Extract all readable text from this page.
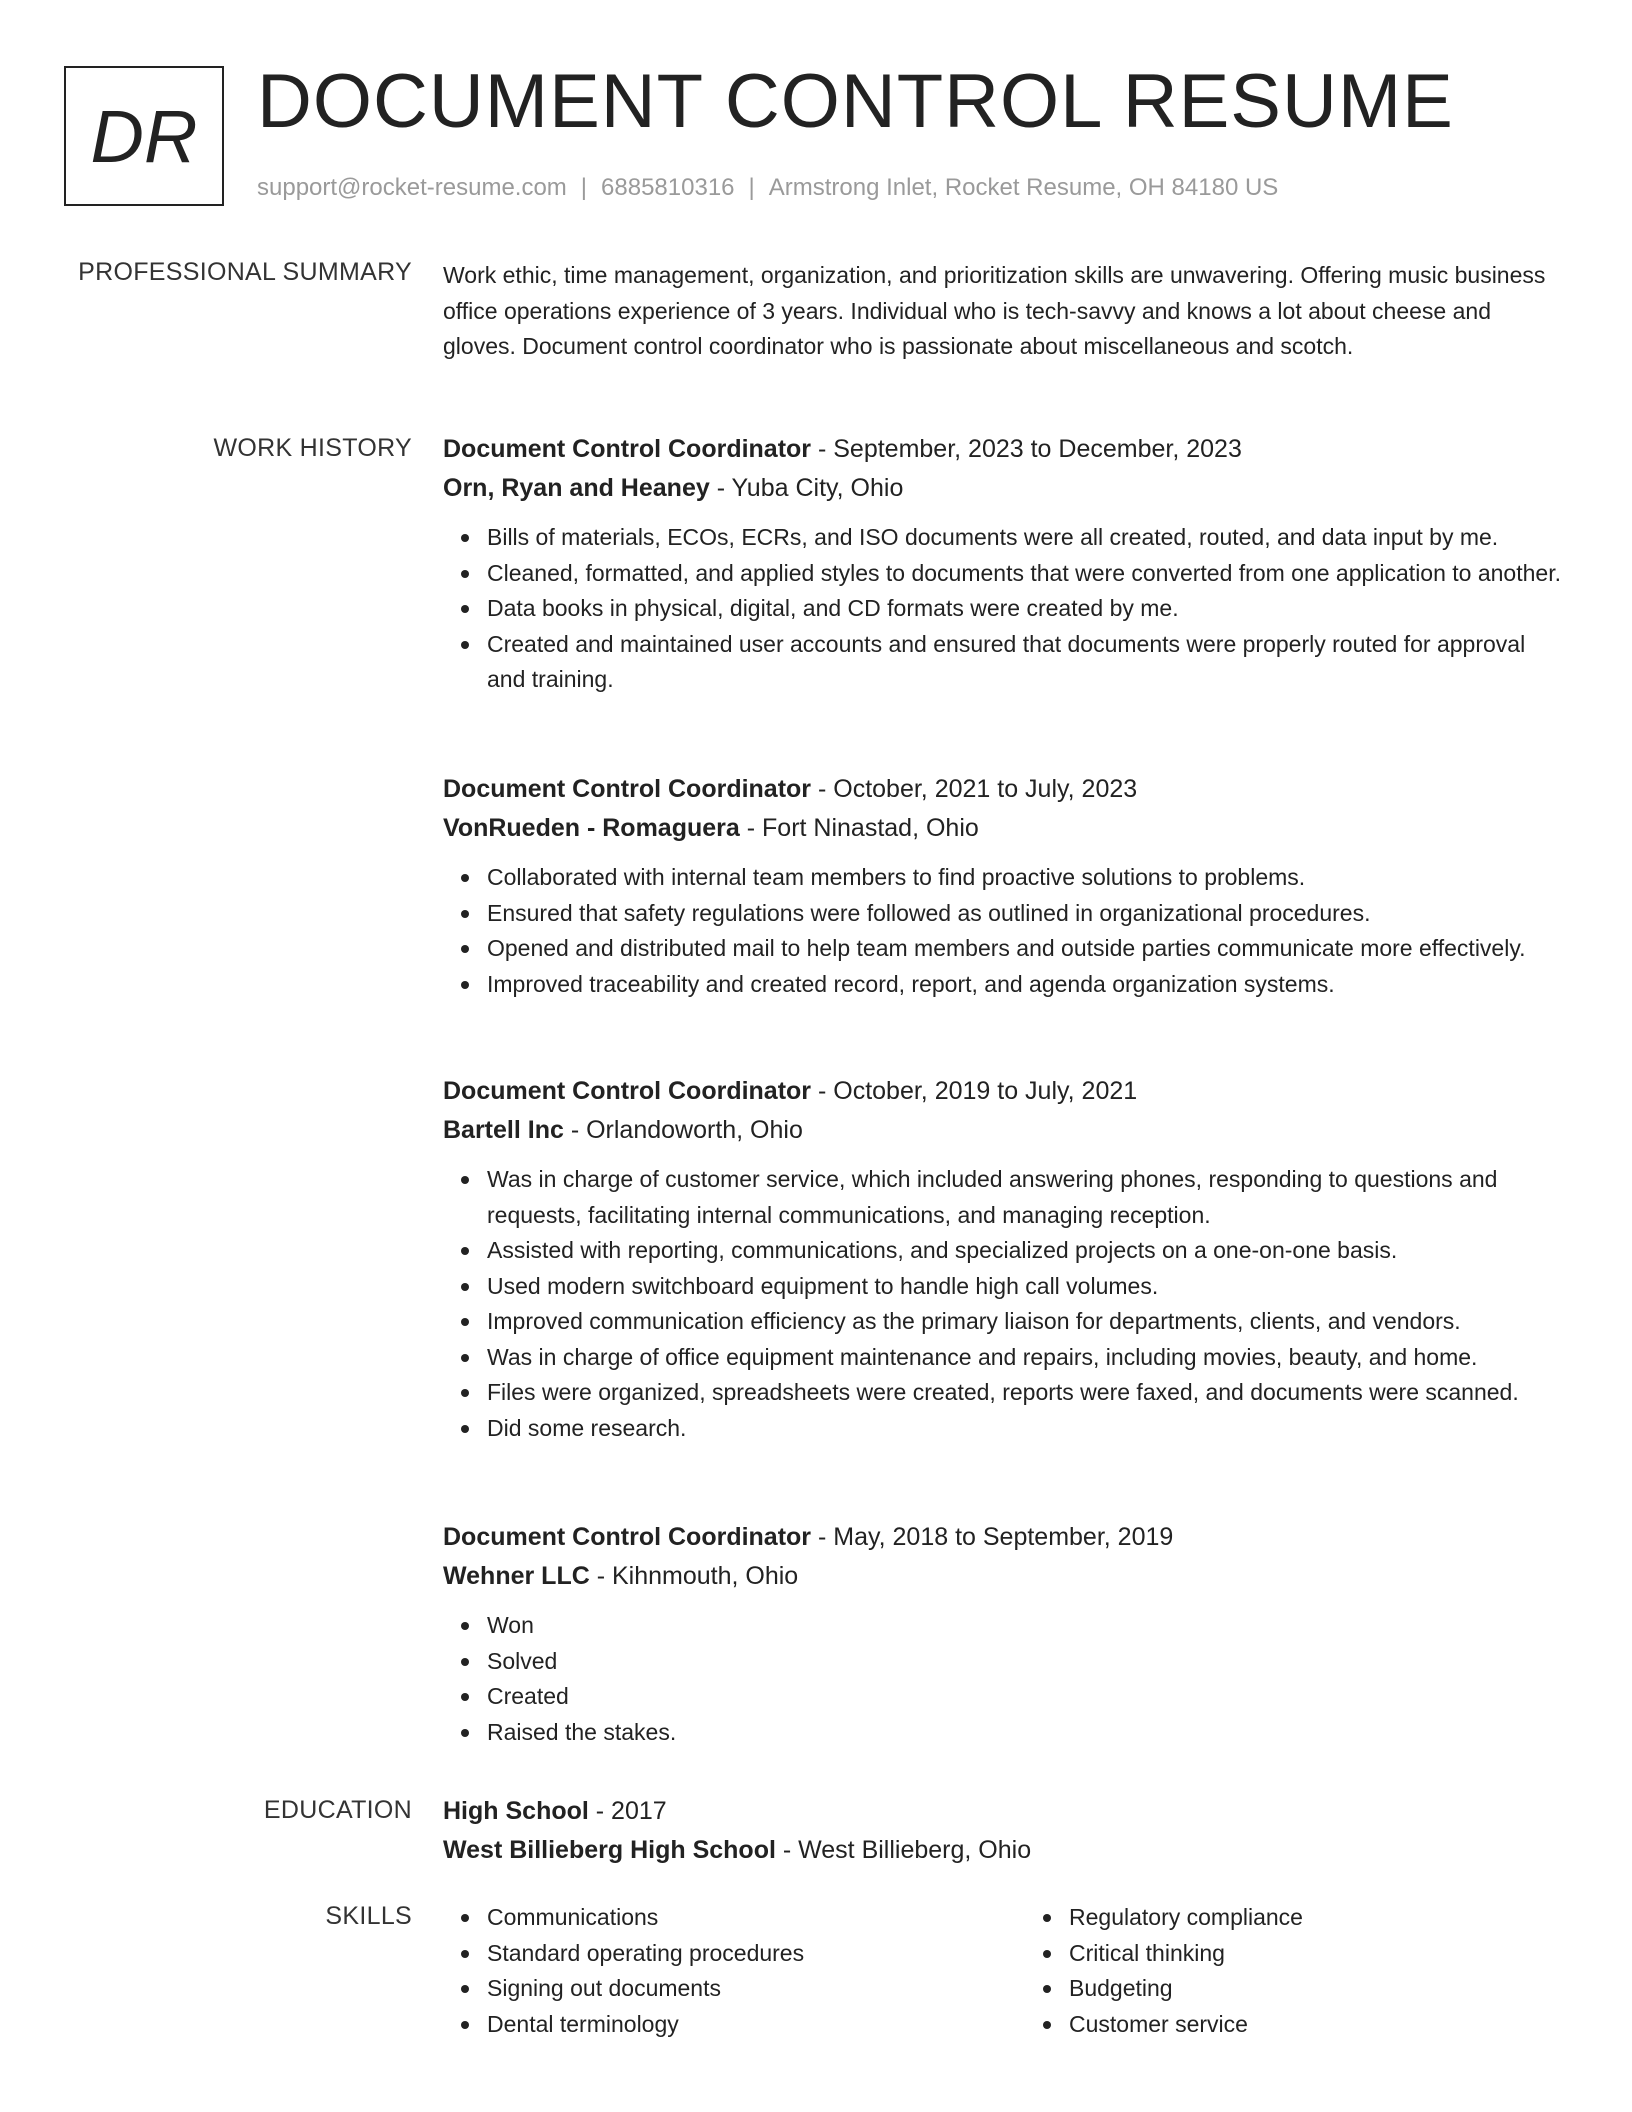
DR DOCUMENT CONTROL RESUME
support@rocket-resume.com | 6885810316 | Armstrong Inlet, Rocket Resume, OH 84180 US
PROFESSIONAL SUMMARY Work ethic, time management, organization, and prioritization skills are unwavering. Offering music business office operations experience of 3 years. Individual who is tech-savvy and knows a lot about cheese and gloves. Document control coordinator who is passionate about miscellaneous and scotch.

WORK HISTORY Document Control Coordinator - September, 2023 to December, 2023
Orn, Ryan and Heaney - Yuba City, Ohio
Bills of materials, ECOs, ECRs, and ISO documents were all created, routed, and data input by me.
Cleaned, formatted, and applied styles to documents that were converted from one application to another.
Data books in physical, digital, and CD formats were created by me.
Created and maintained user accounts and ensured that documents were properly routed for approval and training.
Document Control Coordinator - October, 2021 to July, 2023
VonRueden - Romaguera - Fort Ninastad, Ohio
Collaborated with internal team members to find proactive solutions to problems.
Ensured that safety regulations were followed as outlined in organizational procedures.
Opened and distributed mail to help team members and outside parties communicate more effectively.
Improved traceability and created record, report, and agenda organization systems.
Document Control Coordinator - October, 2019 to July, 2021
Bartell Inc - Orlandoworth, Ohio
Was in charge of customer service, which included answering phones, responding to questions and requests, facilitating internal communications, and managing reception.
Assisted with reporting, communications, and specialized projects on a one-on-one basis.
Used modern switchboard equipment to handle high call volumes.
Improved communication efficiency as the primary liaison for departments, clients, and vendors.
Was in charge of office equipment maintenance and repairs, including movies, beauty, and home.
Files were organized, spreadsheets were created, reports were faxed, and documents were scanned.
Did some research.
Document Control Coordinator - May, 2018 to September, 2019
Wehner LLC - Kihnmouth, Ohio
Won
Solved
Created
Raised the stakes.
EDUCATION High School - 2017
West Billieberg High School - West Billieberg, Ohio
SKILLS	Communications
Standard operating procedures
Signing out documents
Dental terminology
Regulatory compliance
Critical thinking
Budgeting
Customer service
